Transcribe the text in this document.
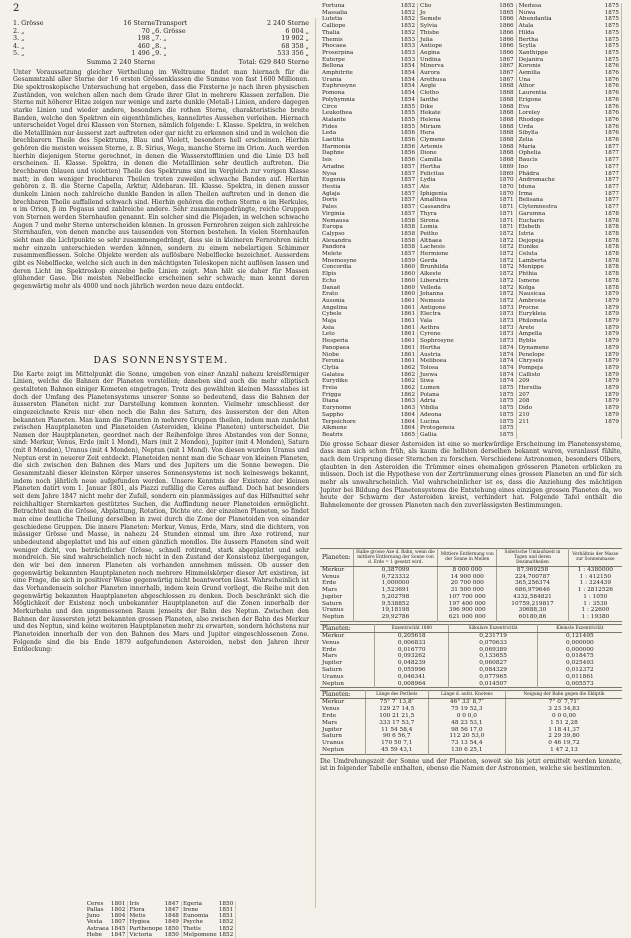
2
1. Grösse	16 Sterne	Transport	2 240 Sterne
2. „	70 „	6. Grösse	6 004 „
3. „	198 „	7. „	19 902 „
4. „	460 „	8. „	68 358 „
5. „	1 496 „	9. „	533 356 „
Summa 2 240 Sterne		Total: 629 840 Sterne	
Unter Voraussetzung gleicher Vertheilung im Weltraume findet man hiernach für die Gesammtzahl aller Sterne der 16 ersten Grössenklassen die Summe von fast 1600 Millionen. Die spektroskopische Untersuchung hat ergeben, dass die Fixsterne je nach ihren physischen Zuständen, von welchen allen nach dem Grade ihrer Glut in mehrere Klassen zerfallen. Die Sterne mit höherer Hitze zeigen nur wenige und zarte dunkle (Metall-) Linien, andere dagegen starke Linien und wieder andere, besonders die rothen Sterne, charakteristische breite Banden, welche den Spektren ein eigenthümliches, kannelirtes Aussehen verleihen. Hiernach unterscheidet Vogel drei Klassen von Sternen, nämlich folgende: I. Klasse. Spektra, in welchen die Metalllinien nur äusserst zart auftreten oder gar nicht zu erkennen sind und in welchen die brechbarern Theile des Spektrums, Blau und Violett, besonders hell erscheinen. Hierhin gehören die meisten weissen Sterne, z. B. Sirius, Wega, manche Sterne im Orion. Auch werden hierhin diejenigen Sterne gerechnet, in denen die Wasserstofflinien und die Linie D3 hell erscheinen. II. Klasse. Spektra, in denen die Metalllinien sehr deutlich auftreten. Die brechbaren (blauen und violetten) Theile des Spektrums sind im Vergleich zur vorigen Klasse matt; in den weniger brechbaren Theilen treten zuweilen schwache Banden auf. Hierhin gehören z. B. die Sterne Capella, Arktur, Aldebaran. III. Klasse. Spektra, in denen ausser dunkeln Linien noch zahlreiche dunkle Banden in allen Theilen auftreten und in denen die brechbaren Theile auffallend schwach sind. Hierhin gehören die rothen Sterne α im Herkules, α im Orion, β im Pegasus und zahlreiche andere. Sehr zusammengedrängte, reiche Gruppen von Sternen werden Sternhaufen genannt. Ein solcher sind die Plejaden, in welchen schwache Augen 7 und mehr Sterne unterscheiden können. In grossen Fernrohren zeigen sich zahlreiche Sternhaufen, von denen manche aus tausenden von Sternen bestehen. In vielen Sternhaufen sieht man die Lichtpunkte so sehr zusammengedrängt, dass sie in kleineren Fernrohren nicht mehr einzeln unterschieden werden können, sondern zu einem nebelartigen Schimmer zusammenfliessen. Solche Objekte werden als auflösbare Nebelflecke bezeichnet. Ausserdem gibt es Nebelflecke, welche sich auch in den mächtigsten Teleskopen nicht auflösen lassen und deren Licht im Spektroskop einzelne helle Linien zeigt. Man hält sie daher für Massen glühender Gase. Die meisten Nebelflecke erscheinen sehr schwach; man kennt deren gegenwärtig mehr als 4000 und noch jährlich werden neue dazu entdeckt.
DAS SONNENSYSTEM.
Die Karte zeigt im Mittelpunkt die Sonne, umgeben von einer Anzahl nahezu kreisförmiger Linien, welche die Bahnen der Planeten vorstellen; daneben sind auch die mehr elliptisch gestalteten Bahnen einiger Kometen eingetragen. Trotz des gewählten kleinen Massstabes ist doch der Umfang des Planetensystems unserer Sonne so bedeutend, dass die Bahnen der äussersten Planeten nicht zur Darstellung kommen konnten. Vielmehr umschliesst der eingezeichnete Kreis nur eben noch die Bahn des Saturn, des äussersten der den Alten bekannten Planeten. Man kann die Planeten in mehrere Gruppen theilen, indem man zunächst zwischen Hauptplaneten und Planetoiden (Asteroiden, kleine Planeten) unterscheidet. Die Namen der Hauptplaneten, geordnet nach der Reihenfolge ihres Abstandes von der Sonne, sind: Merkur, Venus, Erde (mit 1 Mond), Mars (mit 2 Monden), Jupiter (mit 4 Monden), Saturn (mit 8 Monden), Uranus (mit 4 Monden), Neptun (mit 1 Mond). Von diesen wurden Uranus und Neptun erst in neuerer Zeit entdeckt. Planetoiden nennt man die Schaar von kleinen Planeten, die sich zwischen den Bahnen des Mars und des Jupiters um die Sonne bewegen. Die Gesammtzahl dieser kleinsten Körper unseres Sonnensystems ist noch keineswegs bekannt, indem noch jährlich neue aufgefunden werden. Unsere Kenntnis der Existenz der kleinen Planeten datirt vom 1. Januar 1801, als Piazzi zufällig die Ceres auffand. Doch hat besonders seit dem Jahre 1847 nicht mehr der Zufall, sondern ein planmässiges auf das Hilfsmittel sehr reichhaltiger Sternkarten gestütztes Suchen, die Auffindung neuer Planetoiden ermöglicht. Betrachtet man die Grösse, Abplattung, Rotation, Dichte etc. der einzelnen Planeten, so findet man eine deutliche Theilung derselben in zwei durch die Zone der Planetoiden von einander geschiedene Gruppen. Die innere Planeten: Merkur, Venus, Erde, Mars, sind die dichtern, von mässiger Grösse und Masse, in nahezu 24 Stunden einmal um ihre Axe rotirend, nur unbedeutend abgeplattet und bis auf einen gänzlich mondlos. Die äussern Planeten sind weit weniger dicht, von beträchtlicher Grösse, schnell rotirend, stark abgeplattet und sehr mondreich. Sie sind wahrscheinlich noch nicht in den Zustand der Konsistenz übergegangen, den wir bei den inneren Planeten als vorhanden annehmen müssen. Ob ausser den gegenwärtig bekannten Hauptplaneten noch mehrere Himmelskörper dieser Art existiren, ist eine Frage, die sich in positiver Weise gegenwärtig nicht beantworten lässt. Wahrscheinlich ist das Vorhandensein solcher Planeten innerhalb, indem kein Grund vorliegt, die Reihe mit den gegenwärtig bekannten Hauptplaneten abgeschlossen zu denken. Doch beschränkt sich die Möglichkeit der Existenz noch unbekannter Hauptplaneten auf die Zonen innerhalb der Merkurbahn und den ungemessenen Raum jenseits der Bahn des Neptun. Zwischen den Bahnen der äussersten jetzt bekannten grossen Planeten, also zwischen der Bahn des Merkur und des Neptun, sind keine weiteren Hauptplaneten mehr zu erwarten, sondern höchstens nur Planetoiden innerhalb der von den Bahnen des Mars und Jupiter eingeschlossenen Zone. Folgende sind die bis Ende 1879 aufgefundenen Asteroiden, nebst den Jahren ihrer Entdeckung:
Ceres	1801	Iris	1847	Egeria	1850
Pallas	1802	Flora	1847	Irene	1851
Juno	1804	Metis	1848	Eunomia	1851
Vesta	1807	Hygiea	1849	Psyche	1852
Astraea	1845	Parthenope	1850	Thetis	1852
Hebe	1847	Victoria	1850	Melpomene	1852
Fortuna	1852	Clio	1865	Medusa	1875
Massalia	1852	Jo	1865	Nuwa	1875
Lutetia	1852	Semele	1866	Abundantia	1875
Calliope	1852	Sylvia	1866	Atala	1875
Thalia	1852	Thisbe	1866	Hilda	1875
Themis	1853	Julia	1866	Bertha	1875
Phocaea	1853	Antiope	1866	Scylla	1875
Proserpina	1853	Aegina	1866	Xanthippe	1875
Euterpe	1853	Undina	1867	Dejanira	1875
Bellona	1854	Minerva	1867	Koronis	1876
Amphitrite	1854	Aurora	1867	Aemilia	1876
Urania	1854	Arethusa	1867	Una	1876
Euphrosyne	1854	Aegle	1868	Athor	1876
Pomona	1854	Clotho	1868	Laurentia	1876
Polyhymnia	1854	Ianthe	1868	Erigone	1876
Circe	1855	Dike	1868	Eva	1876
Leukothea	1855	Hekate	1868	Loreley	1876
Atalante	1855	Helena	1868	Rhodope	1876
Fides	1855	Miriam	1868	Urda	1876
Leda	1856	Hera	1868	Sibylla	1876
Laetitia	1856	Clymene	1868	Zelia	1876
Harmonia	1856	Artemis	1868	Maria	1877
Daphne	1856	Dione	1868	Ophelia	1877
Isis	1856	Camilla	1868	Baucis	1877
Ariadne	1857	Hertha	1869	Ino	1877
Nysa	1857	Felicitas	1869	Phädra	1877
Eugenia	1857	Lydia	1870	Andromache	1877
Hestia	1857	Ate	1870	Iduna	1877
Aglaja	1857	Iphigenia	1870	Irma	1877
Doris	1857	Amalthea	1871	Belisana	1877
Pales	1857	Cassandra	1871	Clytemnestra	1877
Virginia	1857	Thyra	1871	Garumna	1878
Nemausa	1858	Sirona	1871	Eucharis	1878
Europa	1858	Lomia	1871	Elsbeth	1878
Calypso	1858	Peitho	1872	Istria	1878
Alexandra	1858	Althaea	1872	Dejopeja	1878
Pandora	1858	Lachesis	1872	Eunike	1878
Melete	1857	Hermione	1872	Celuta	1878
Mnemosyne	1859	Gerda	1872	Lamberta	1878
Concordia	1860	Brunhilda	1872	Menippe	1878
Elpis	1860	Alkeste	1872	Phthia	1878
Echo	1860	Liberatrix	1872	Ismene	1878
Danaë	1860	Velleda	1872	Kolga	1878
Erato	1860	Johanna	1872	Nausicaa	1879
Ausonia	1861	Nemesis	1872	Ambrosia	1879
Angelina	1861	Antigone	1873	Procne	1879
Cybele	1861	Electra	1873	Eurykleia	1879
Maja	1861	Vala	1873	Philomela	1879
Asia	1861	Aethra	1873	Arete	1879
Leto	1861	Cyrene	1873	Ampella	1879
Hesperia	1861	Sophrosyne	1873	Byblis	1879
Panopaea	1861	Hertha	1874	Dynamene	1879
Niobe	1861	Austria	1874	Penelope	1879
Feronia	1861	Meliboea	1874	Chryseïs	1879
Clytia	1862	Tolosa	1874	Pompeja	1879
Galatea	1862	Juewa	1874	Callisto	1879
Eurydike	1862	Siwa	1874	209	1879
Freia	1862	Lumen	1875	Hersilia	1879
Frigga	1862	Polana	1875	207	1879
Diana	1863	Adria	1875	208	1879
Eurynome	1863	Vibilia	1875	Dido	1879
Sappho	1864	Adeona	1875	210	1879
Terpsichore	1864	Lucina	1875	211	1879
Alkmene	1864	Protogeneia	1875		
Beatrix	1865	Gallia	1875		
Die grosse Schaar dieser Asteroiden ist eine so merkwürdige Erscheinung im Planetensysteme, dass man sich schon früh, als kaum die hellsten derselben bekannt waren, veranlasst fühlte, nach dem Ursprung dieser Sternchen zu forschen. Verschiedene Astronomen, besonders Olbers, glaubten in den Asteroiden die Trümmer eines ehemaligen grösseren Planeten erblicken zu müssen. Doch ist die Hypothese von der Zertrümmerung eines grossen Planeten an und für sich mehr als unwahrscheinlich. Viel wahrscheinlicher ist es, dass die Anziehung des mächtigen Jupiter bei Bildung des Planetensystems die Entstehung eines einzigen grossen Planeten da, wo heute der Schwarm der Asteroiden kreist, verhindert hat. Folgende Tafel enthält die Bahnelemente der grossen Planeten nach den zuverlässigsten Bestimmungen.
Planeten:	Halbe grosse Axe d. Bahn, wenn die mittlere Entfernung der Sonne von d. Erde = 1 gesetzt wird.	Mittlere Entfernung von der Sonne in Meilen	Siderische Umlaufszeit in Tagen und deren Dezimaltheilen	Verhältnis der Masse zur Sonnenmasse
Merkur	0,387099	8 000 000	87,969258	1 : 4380000
Venus	0,723332	14 900 000	224,700787	1 : 412150
Erde	1,000000	20 700 000	365,256374	1 : 324439
Mars	1,523691	31 500 000	686,979646	1 : 2812526
Jupiter	5,202798	107 700 000	4332,584821	1 : 1050
Saturn	9,538852	197 400 000	10759,219817	1 : 3530
Uranus	19,18198	396 900 000	30688,30	1 : 22600
Neptun	29,92786	621 000 000	60180,86	1 : 19380
Planeten:	Exzentricität 1880	Säkulare Exzentricität	Kleinste Exzentricität
Merkur	0,205618	0,231719	0,121495
Venus	0,006833	0,070633	0,000000
Erde	0,016770	0,069389	0,000000
Mars	0,093262	0,133655	0,018475
Jupiter	0,048239	0,060827	0,025493
Saturn	0,055996	0,084329	0,012372
Uranus	0,046341	0,077965	0,011861
Neptun	0,008964	0,014507	0,005573
Planeten:	Länge des Perihels	Länge d. aufst. Knotens	Neigung der Bahn gegen die Ekliptik
Merkur	75° 7′ 13,8″	46° 33′ 8,7″	7° 0′ 7,71″
Venus	129 27 14,5	75 19 52,3	3 23 34,83
Erde	100 21 21,5	0 0 0,0	0 0 0,00
Mars	333 17 53,7	48 23 53,1	1 51 2,28
Jupiter	11 54 58,4	98 56 17,0	1 18 41,37
Saturn	90 6 56,7	112 20 53,0	2 29 39,80
Uranus	170 50 7,1	73 13 54,4	0 46 19,72
Neptun	45 59 43,1	130 6 25,1	1 47 2,13
Die Umdrehungszeit der Sonne und der Planeten, soweit sie bis jetzt ermittelt werden konnte, ist in folgender Tabelle enthalten, ebenso die Namen der Astronomen, welche sie bestimmten.
